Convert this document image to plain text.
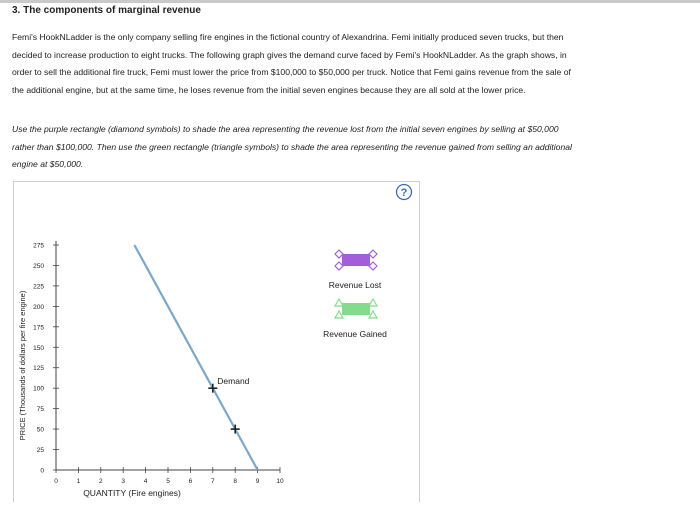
3. The components of marginal revenue
Femi's HookNLadder is the only company selling fire engines in the fictional country of Alexandrina. Femi initially produced seven trucks, but then
decided to increase production to eight trucks. The following graph gives the demand curve faced by Femi's HookNLadder. As the graph shows, in
order to sell the additional fire truck, Femi must lower the price from $100,000 to $50,000 per truck. Notice that Femi gains revenue from the sale of
the additional engine, but at the same time, he loses revenue from the initial seven engines because they are all sold at the lower price.
Use the purple rectangle (diamond symbols) to shade the area representing the revenue lost from the initial seven engines by selling at $50,000
rather than $100,000. Then use the green rectangle (triangle symbols) to shade the area representing the revenue gained from selling an additional
engine at $50,000.
0
25
50
75
100
125
150
175
200
225
250
275
0	1	2	3	4	5	6	7	8	9	10
Demand
QUANTITY (Fire engines)
PRICE (Thousands of dollars per fire engine)
Revenue Lost
Revenue Gained
?
